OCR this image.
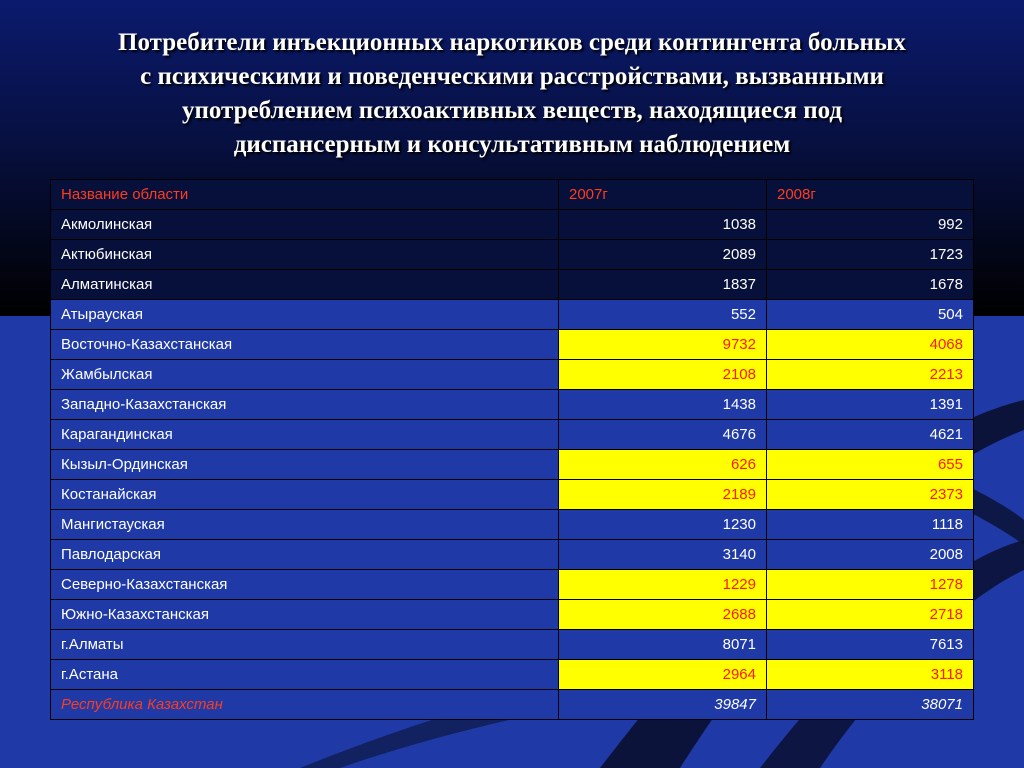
Потребители инъекционных наркотиков среди контингента больных
с психическими и поведенческими расстройствами, вызванными
употреблением психоактивных веществ, находящиеся под
диспансерным и консультативным наблюдением
Название области	2007г	2008г
Акмолинская	1038	992
Актюбинская	2089	1723
Алматинская	1837	1678
Атырауская	552	504
Восточно-Казахстанская	9732	4068
Жамбылская	2108	2213
Западно-Казахстанская	1438	1391
Карагандинская	4676	4621
Кызыл-Ординская	626	655
Костанайская	2189	2373
Мангистауская	1230	1118
Павлодарская	3140	2008
Северно-Казахстанская	1229	1278
Южно-Казахстанская	2688	2718
г.Алматы	8071	7613
г.Астана	2964	3118
Республика Казахстан	39847	38071
